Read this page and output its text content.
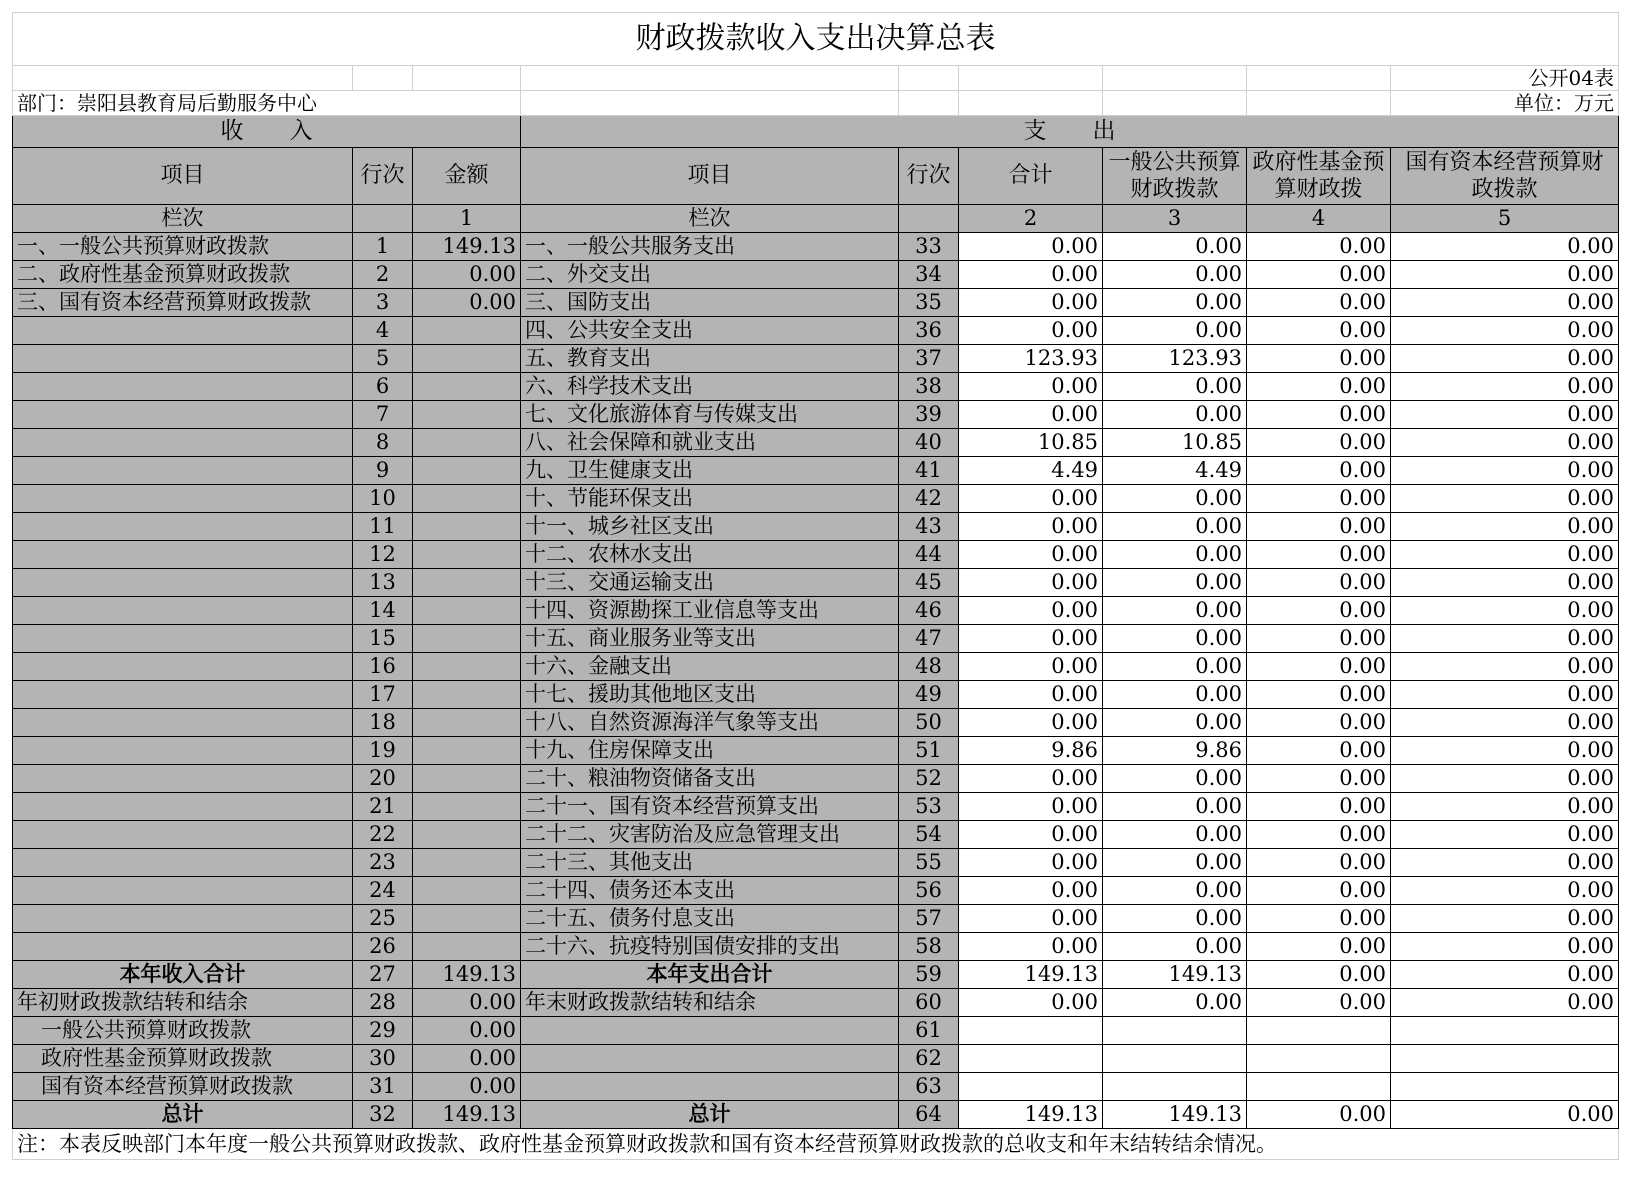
财政拨款收入支出决算总表								
								公开04表
部门：崇阳县教育局后勤服务中心								单位：万元
收　　入			支　　出					
项目	行次	金额	项目	行次	合计	一般公共预算财政拨款	政府性基金预算财政拨	国有资本经营预算财政拨款
栏次		1	栏次		2	3	4	5
一、一般公共预算财政拨款	1	149.13	一、一般公共服务支出	33	0.00	0.00	0.00	0.00
二、政府性基金预算财政拨款	2	0.00	二、外交支出	34	0.00	0.00	0.00	0.00
三、国有资本经营预算财政拨款	3	0.00	三、国防支出	35	0.00	0.00	0.00	0.00
	4		四、公共安全支出	36	0.00	0.00	0.00	0.00
	5		五、教育支出	37	123.93	123.93	0.00	0.00
	6		六、科学技术支出	38	0.00	0.00	0.00	0.00
	7		七、文化旅游体育与传媒支出	39	0.00	0.00	0.00	0.00
	8		八、社会保障和就业支出	40	10.85	10.85	0.00	0.00
	9		九、卫生健康支出	41	4.49	4.49	0.00	0.00
	10		十、节能环保支出	42	0.00	0.00	0.00	0.00
	11		十一、城乡社区支出	43	0.00	0.00	0.00	0.00
	12		十二、农林水支出	44	0.00	0.00	0.00	0.00
	13		十三、交通运输支出	45	0.00	0.00	0.00	0.00
	14		十四、资源勘探工业信息等支出	46	0.00	0.00	0.00	0.00
	15		十五、商业服务业等支出	47	0.00	0.00	0.00	0.00
	16		十六、金融支出	48	0.00	0.00	0.00	0.00
	17		十七、援助其他地区支出	49	0.00	0.00	0.00	0.00
	18		十八、自然资源海洋气象等支出	50	0.00	0.00	0.00	0.00
	19		十九、住房保障支出	51	9.86	9.86	0.00	0.00
	20		二十、粮油物资储备支出	52	0.00	0.00	0.00	0.00
	21		二十一、国有资本经营预算支出	53	0.00	0.00	0.00	0.00
	22		二十二、灾害防治及应急管理支出	54	0.00	0.00	0.00	0.00
	23		二十三、其他支出	55	0.00	0.00	0.00	0.00
	24		二十四、债务还本支出	56	0.00	0.00	0.00	0.00
	25		二十五、债务付息支出	57	0.00	0.00	0.00	0.00
	26		二十六、抗疫特别国债安排的支出	58	0.00	0.00	0.00	0.00
本年收入合计	27	149.13	本年支出合计	59	149.13	149.13	0.00	0.00
年初财政拨款结转和结余	28	0.00	年末财政拨款结转和结余	60	0.00	0.00	0.00	0.00
一般公共预算财政拨款	29	0.00		61				
政府性基金预算财政拨款	30	0.00		62				
国有资本经营预算财政拨款	31	0.00		63				
总计	32	149.13	总计	64	149.13	149.13	0.00	0.00
注：本表反映部门本年度一般公共预算财政拨款、政府性基金预算财政拨款和国有资本经营预算财政拨款的总收支和年末结转结余情况。								
